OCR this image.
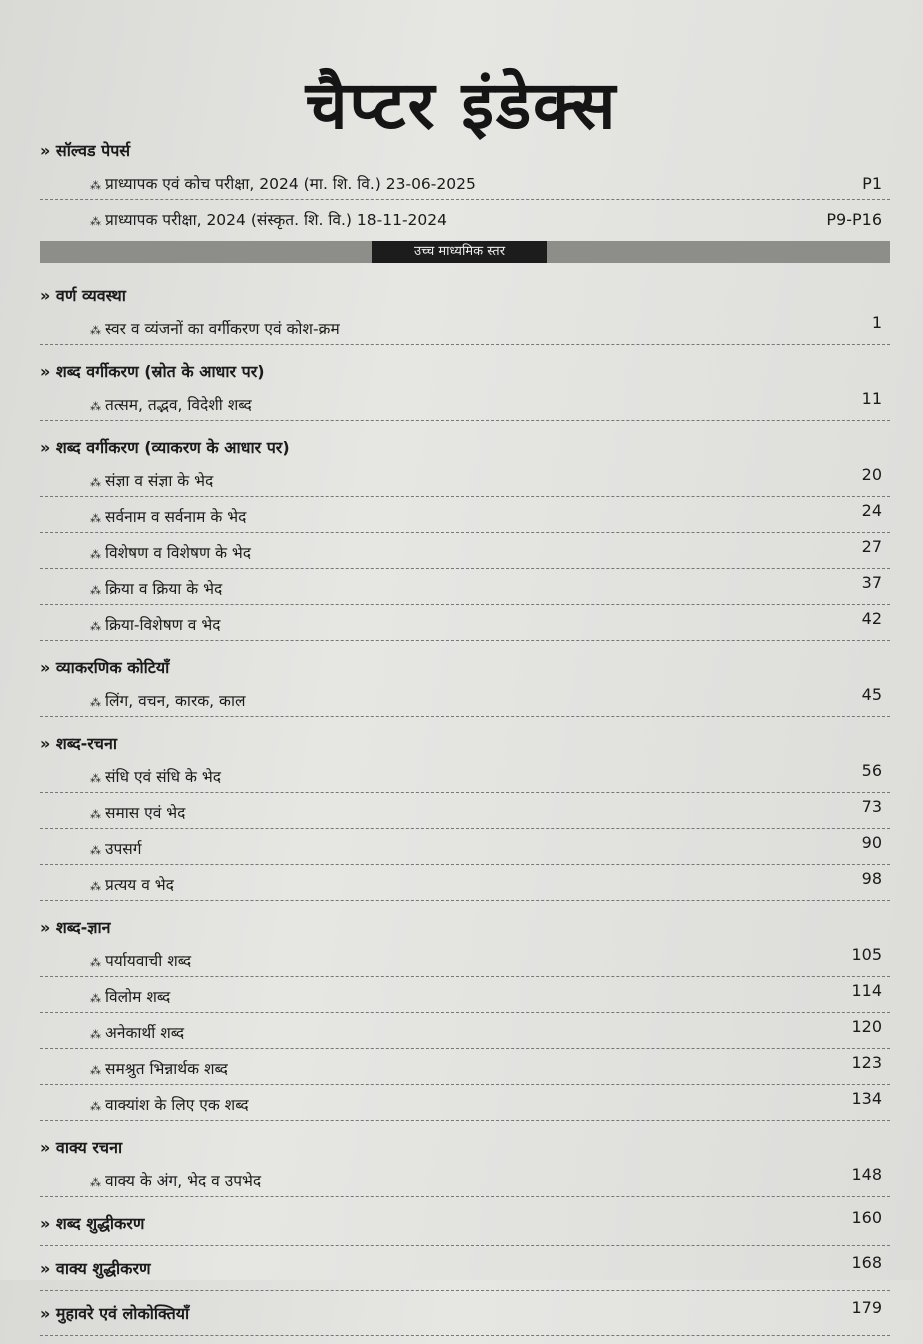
चैप्टर इंडेक्स
» सॉल्वड पेपर्स
⁂ प्राध्यापक एवं कोच परीक्षा, 2024 (मा. शि. वि.) 23-06-2025	P1
⁂ प्राध्यापक परीक्षा, 2024 (संस्कृत. शि. वि.) 18-11-2024	P9-P16
उच्च माध्यमिक स्तर
» वर्ण व्यवस्था
⁂ स्वर व व्यंजनों का वर्गीकरण एवं कोश-क्रम	1
» शब्द वर्गीकरण (स्रोत के आधार पर)
⁂ तत्सम, तद्भव, विदेशी शब्द	11
» शब्द वर्गीकरण (व्याकरण के आधार पर)
⁂ संज्ञा व संज्ञा के भेद	20
⁂ सर्वनाम व सर्वनाम के भेद	24
⁂ विशेषण व विशेषण के भेद	27
⁂ क्रिया व क्रिया के भेद	37
⁂ क्रिया-विशेषण व भेद	42
» व्याकरणिक कोटियाँ
⁂ लिंग, वचन, कारक, काल	45
» शब्द-रचना
⁂ संधि एवं संधि के भेद	56
⁂ समास एवं भेद	73
⁂ उपसर्ग	90
⁂ प्रत्यय व भेद	98
» शब्द-ज्ञान
⁂ पर्यायवाची शब्द	105
⁂ विलोम शब्द	114
⁂ अनेकार्थी शब्द	120
⁂ समश्रुत भिन्नार्थक शब्द	123
⁂ वाक्यांश के लिए एक शब्द	134
» वाक्य रचना
⁂ वाक्य के अंग, भेद व उपभेद	148
» शब्द शुद्धीकरण	160
» वाक्य शुद्धीकरण	168
» मुहावरे एवं लोकोक्तियाँ	179
